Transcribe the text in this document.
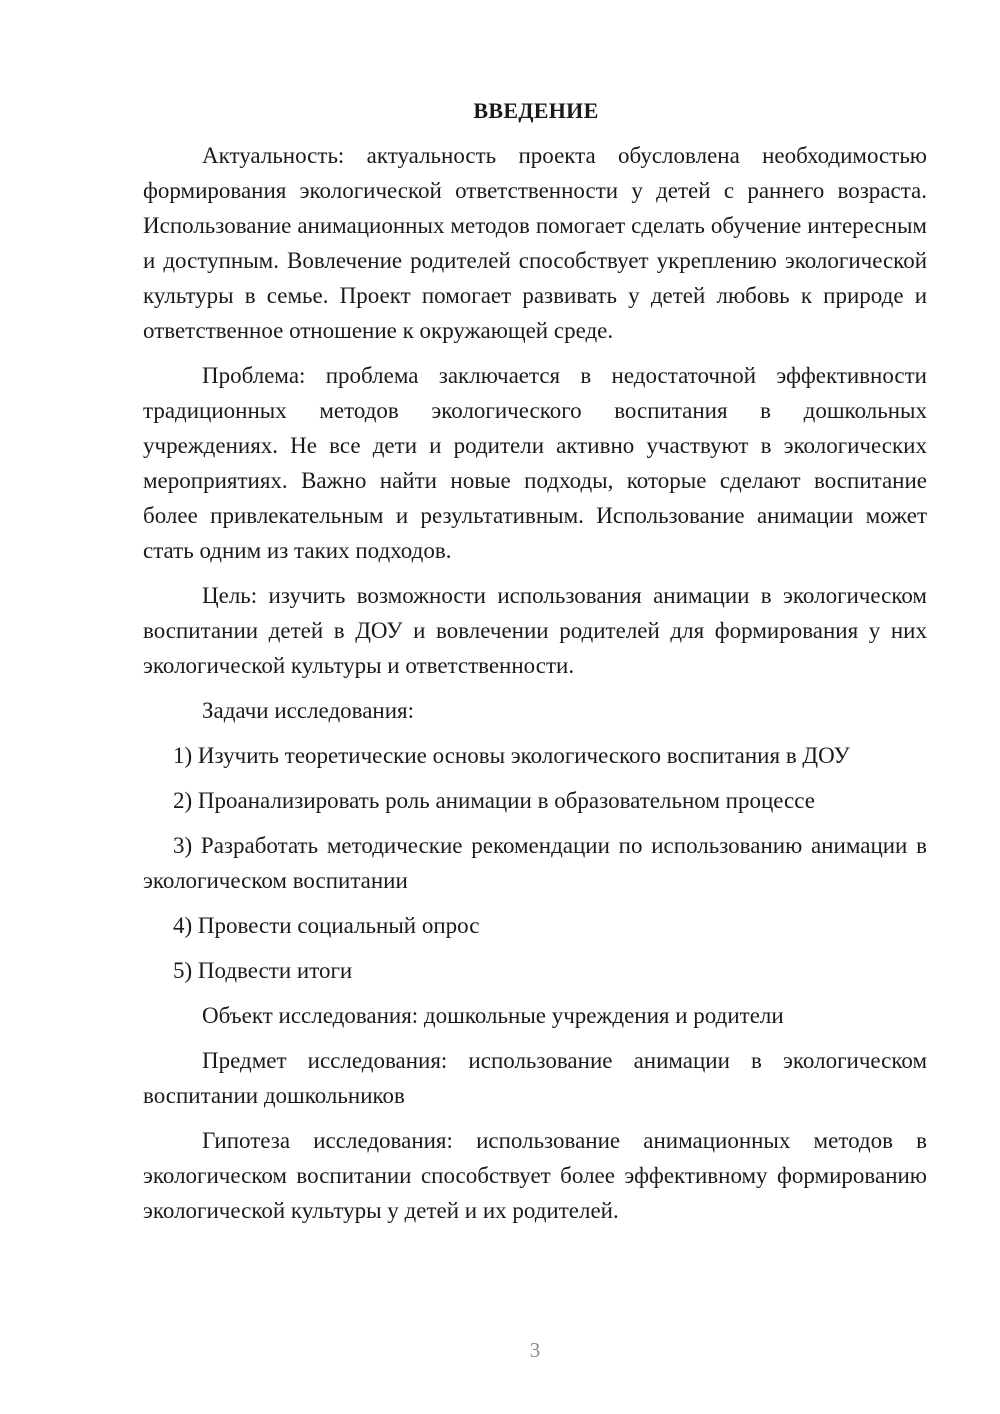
ВВЕДЕНИЕ

Актуальность: актуальность проекта обусловлена необходимостью формирования экологической ответственности у детей с раннего возраста. Использование анимационных методов помогает сделать обучение интересным и доступным. Вовлечение родителей способствует укреплению экологической культуры в семье. Проект помогает развивать у детей любовь к природе и ответственное отношение к окружающей среде.

Проблема: проблема заключается в недостаточной эффективности традиционных методов экологического воспитания в дошкольных учреждениях. Не все дети и родители активно участвуют в экологических мероприятиях. Важно найти новые подходы, которые сделают воспитание более привлекательным и результативным. Использование анимации может стать одним из таких подходов.

Цель: изучить возможности использования анимации в экологическом воспитании детей в ДОУ и вовлечении родителей для формирования у них экологической культуры и ответственности.

Задачи исследования:

1) Изучить теоретические основы экологического воспитания в ДОУ

2) Проанализировать роль анимации в образовательном процессе

3) Разработать методические рекомендации по использованию анимации в экологическом воспитании

4) Провести социальный опрос

5) Подвести итоги

Объект исследования: дошкольные учреждения и родители

Предмет исследования: использование анимации в экологическом воспитании дошкольников

Гипотеза исследования: использование анимационных методов в экологическом воспитании способствует более эффективному формированию экологической культуры у детей и их родителей.

3
